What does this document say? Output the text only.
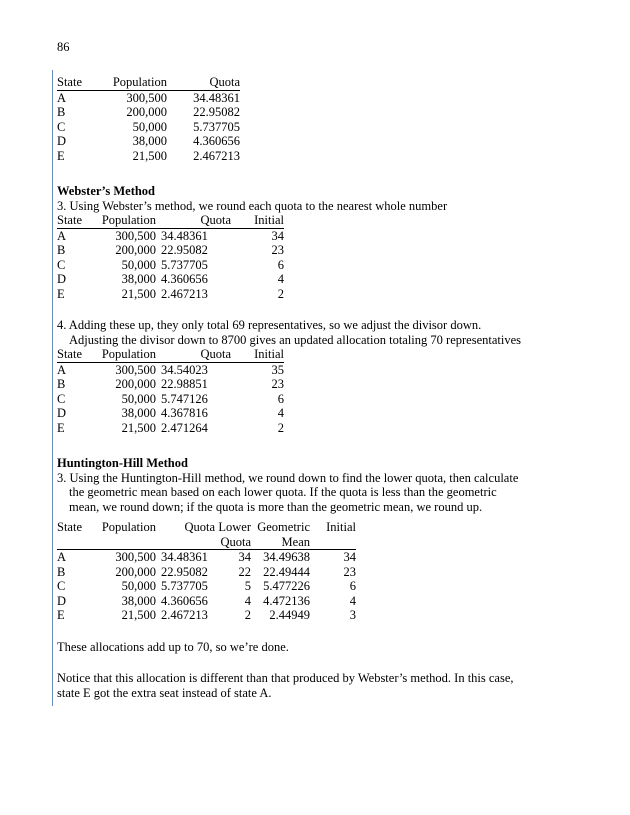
86
State	Population	Quota
A	300,500	34.48361
B	200,000	22.95082
C	50,000	5.737705
D	38,000	4.360656
E	21,500	2.467213
Webster’s Method

3. Using Webster’s method, we round each quota to the nearest whole number

State	Population	Quota	Initial
A	300,500	34.48361	34
B	200,000	22.95082	23
C	50,000	5.737705	6
D	38,000	4.360656	4
E	21,500	2.467213	2

4. Adding these up, they only total 69 representatives, so we adjust the divisor down.

Adjusting the divisor down to 8700 gives an updated allocation totaling 70 representatives

State	Population	Quota	Initial
A	300,500	34.54023	35
B	200,000	22.98851	23
C	50,000	5.747126	6
D	38,000	4.367816	4
E	21,500	2.471264	2
Huntington-Hill Method

3. Using the Huntington-Hill method, we round down to find the lower quota, then calculate

the geometric mean based on each lower quota. If the quota is less than the geometric

mean, we round down; if the quota is more than the geometric mean, we round up.

State	Population	Quota	Lower Quota	Geometric Mean	Initial
A	300,500	34.48361	34	34.49638	34
B	200,000	22.95082	22	22.49444	23
C	50,000	5.737705	5	5.477226	6
D	38,000	4.360656	4	4.472136	4
E	21,500	2.467213	2	2.44949	3

These allocations add up to 70, so we’re done.

Notice that this allocation is different than that produced by Webster’s method. In this case,

state E got the extra seat instead of state A.
